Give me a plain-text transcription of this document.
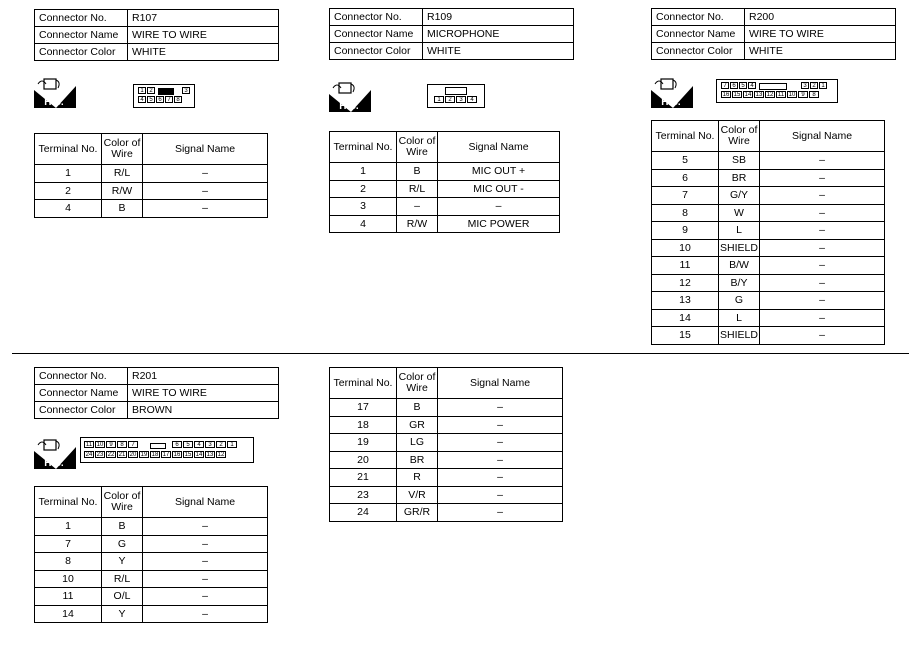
Connector No.	R107
Connector Name	WIRE TO WIRE
Connector Color	WHITE
H.S.
1 2	3
4 5 6 7 8
Terminal No.	Color of
Wire	Signal Name
1	R/L	–
2	R/W	–
4	B	–
Connector No.	R109
Connector Name	MICROPHONE
Connector Color	WHITE
H.S.
1	2	3	4
Terminal No.	Color of
Wire	Signal Name
1	B	MIC OUT +
2	R/L	MIC OUT -
3	–	–
4	R/W	MIC POWER
Connector No.	R200
Connector Name	WIRE TO WIRE
Connector Color	WHITE
H.S.
7 6 5 4	3 2 1
16 15 14 13 12 11 10 9	8
Terminal No.	Color of
Wire	Signal Name
5	SB	–
6	BR	–
7	G/Y	–
8	W	–
9	L	–
10	SHIELD	–
11	B/W	–
12	B/Y	–
13	G	–
14	L	–
15	SHIELD	–
Connector No.	R201
Connector Name	WIRE TO WIRE
Connector Color	BROWN
H.S.
11 10 9	8	7	6	5	4	3	2	1
24 23 22 21 20 19 18 17 16 15 14 13 12
Terminal No.	Color of
Wire	Signal Name
1	B	–
7	G	–
8	Y	–
10	R/L	–
11	O/L	–
14	Y	–
Terminal No.	Color of
Wire	Signal Name
17	B	–
18	GR	–
19	LG	–
20	BR	–
21	R	–
23	V/R	–
24	GR/R	–
